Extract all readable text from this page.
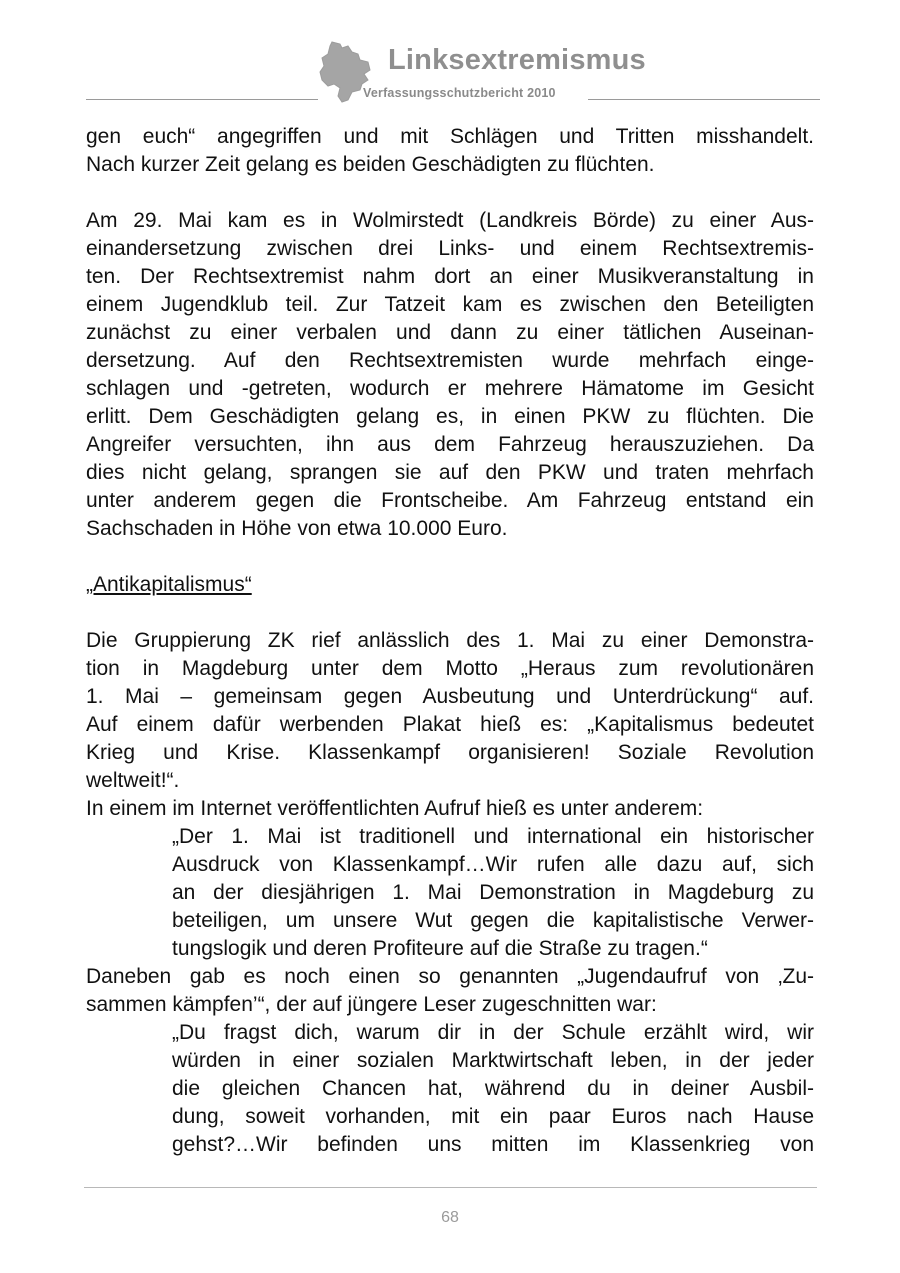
Linksextremismus
Verfassungsschutzbericht 2010
gen euch“ angegriffen und mit Schlägen und Tritten misshandelt.
Nach kurzer Zeit gelang es beiden Geschädigten zu flüchten.
Am 29. Mai kam es in Wolmirstedt (Landkreis Börde) zu einer Aus-
einandersetzung zwischen drei Links- und einem Rechtsextremis-
ten. Der Rechtsextremist nahm dort an einer Musikveranstaltung in
einem Jugendklub teil. Zur Tatzeit kam es zwischen den Beteiligten
zunächst zu einer verbalen und dann zu einer tätlichen Auseinan-
dersetzung. Auf den Rechtsextremisten wurde mehrfach einge-
schlagen und -getreten, wodurch er mehrere Hämatome im Gesicht
erlitt. Dem Geschädigten gelang es, in einen PKW zu flüchten. Die
Angreifer versuchten, ihn aus dem Fahrzeug herauszuziehen. Da
dies nicht gelang, sprangen sie auf den PKW und traten mehrfach
unter anderem gegen die Frontscheibe. Am Fahrzeug entstand ein
Sachschaden in Höhe von etwa 10.000 Euro.
„Antikapitalismus“
Die Gruppierung ZK rief anlässlich des 1. Mai zu einer Demonstra-
tion in Magdeburg unter dem Motto „Heraus zum revolutionären
1. Mai – gemeinsam gegen Ausbeutung und Unterdrückung“ auf.
Auf einem dafür werbenden Plakat hieß es: „Kapitalismus bedeutet
Krieg und Krise. Klassenkampf organisieren! Soziale Revolution
weltweit!“.
In einem im Internet veröffentlichten Aufruf hieß es unter anderem:
„Der 1. Mai ist traditionell und international ein historischer
Ausdruck von Klassenkampf…Wir rufen alle dazu auf, sich
an der diesjährigen 1. Mai Demonstration in Magdeburg zu
beteiligen, um unsere Wut gegen die kapitalistische Verwer-
tungslogik und deren Profiteure auf die Straße zu tragen.“
Daneben gab es noch einen so genannten „Jugendaufruf von ‚Zu-
sammen kämpfen’“, der auf jüngere Leser zugeschnitten war:
„Du fragst dich, warum dir in der Schule erzählt wird, wir
würden in einer sozialen Marktwirtschaft leben, in der jeder
die gleichen Chancen hat, während du in deiner Ausbil-
dung, soweit vorhanden, mit ein paar Euros nach Hause
gehst?…Wir befinden uns mitten im Klassenkrieg von
68
